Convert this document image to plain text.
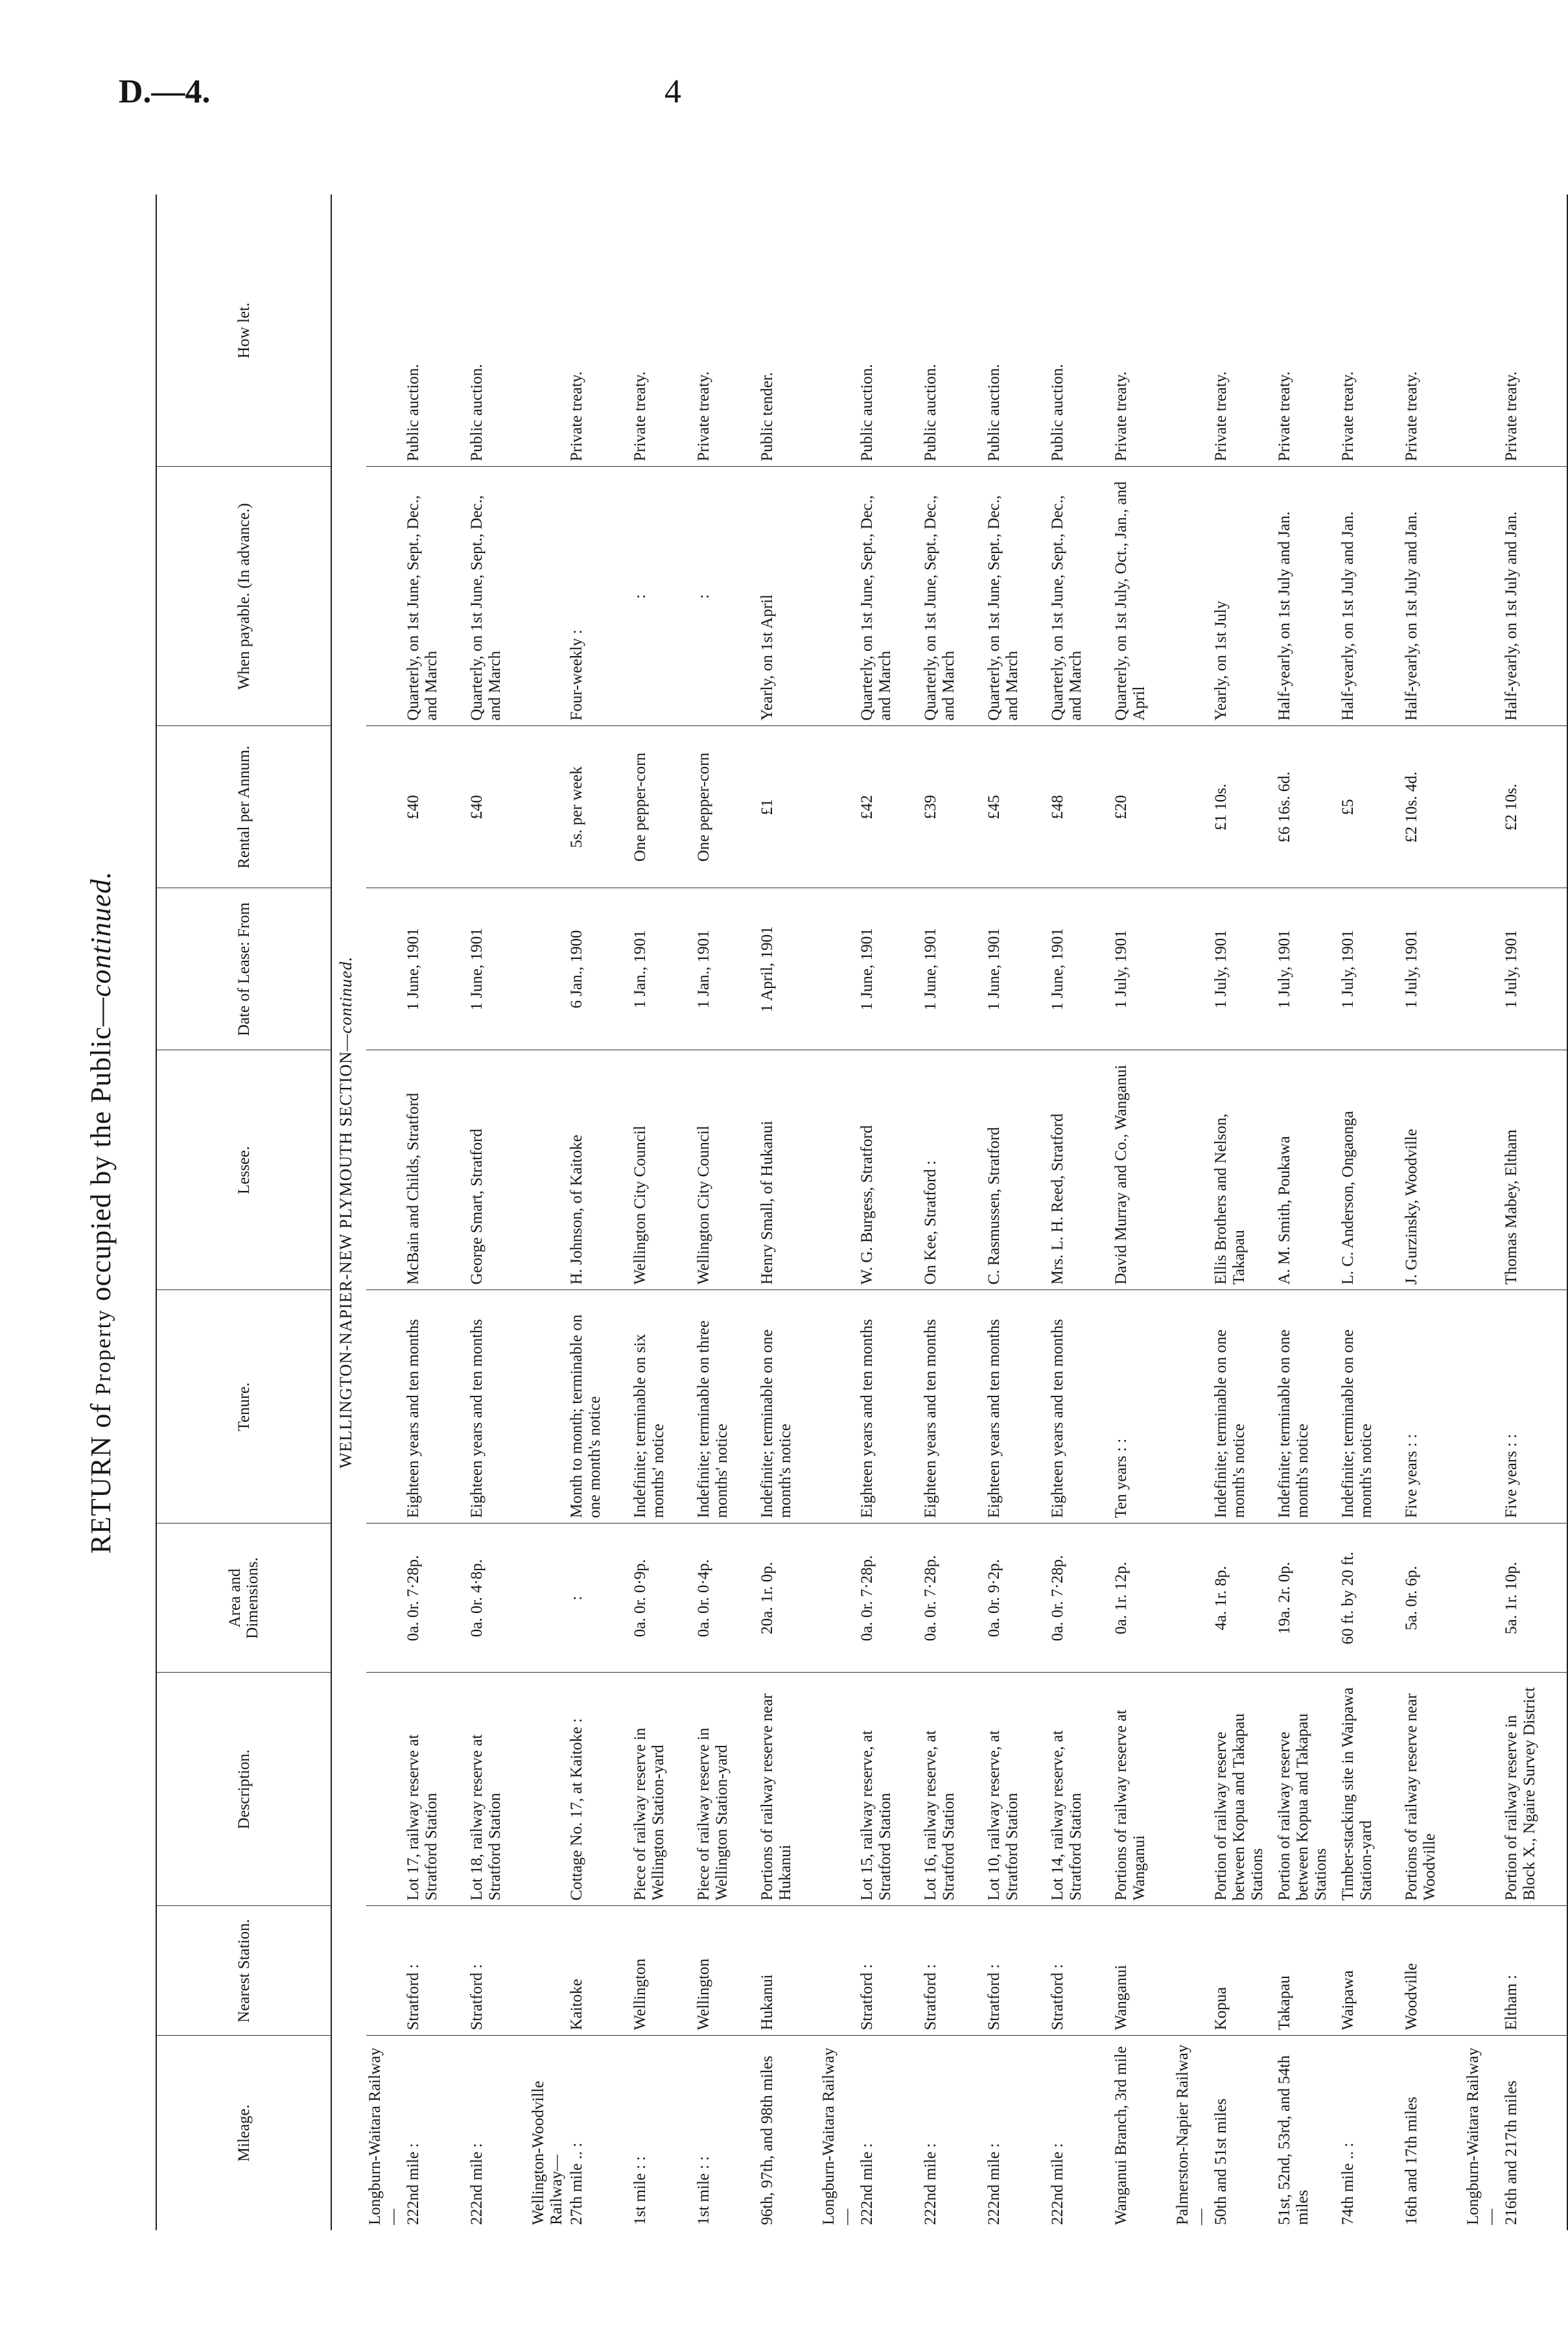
D.—4.	4
RETURN of Property occupied by the Public—continued.
Mileage.	Nearest Station.	Description.	Area and Dimensions.	Tenure.	Lessee.	Date of Lease: From	Rental per Annum.	When payable. (In advance.)	How let.
WELLINGTON-NAPIER-NEW PLYMOUTH SECTION—continued.									
Longburn-Waitara Railway—									
222nd mile :	Stratford :	Lot 17, railway reserve at Stratford Station	0a. 0r. 7·28p.	Eighteen years and ten months	McBain and Childs, Stratford	1 June, 1901	£40	Quarterly, on 1st June, Sept., Dec., and March	Public auction.
222nd mile :	Stratford :	Lot 18, railway reserve at Stratford Station	0a. 0r. 4·8p.	Eighteen years and ten months	George Smart, Stratford	1 June, 1901	£40	Quarterly, on 1st June, Sept., Dec., and March	Public auction.
Wellington-Woodville Railway—									
27th mile .. :	Kaitoke	Cottage No. 17, at Kaitoke :	:	Month to month; terminable on one month's notice	H. Johnson, of Kaitoke	6 Jan., 1900	5s. per week	Four-weekly :	Private treaty.
1st mile : :	Wellington	Piece of railway reserve in Wellington Station-yard	0a. 0r. 0·9p.	Indefinite; terminable on six months' notice	Wellington City Council	1 Jan., 1901	One pepper-corn	:	Private treaty.
1st mile : :	Wellington	Piece of railway reserve in Wellington Station-yard	0a. 0r. 0·4p.	Indefinite; terminable on three months' notice	Wellington City Council	1 Jan., 1901	One pepper-corn	:	Private treaty.
96th, 97th, and 98th miles	Hukanui	Portions of railway reserve near Hukanui	20a. 1r. 0p.	Indefinite; terminable on one month's notice	Henry Small, of Hukanui	1 April, 1901	£1	Yearly, on 1st April	Public tender.
Longburn-Waitara Railway—									
222nd mile :	Stratford :	Lot 15, railway reserve, at Stratford Station	0a. 0r. 7·28p.	Eighteen years and ten months	W. G. Burgess, Stratford	1 June, 1901	£42	Quarterly, on 1st June, Sept., Dec., and March	Public auction.
222nd mile :	Stratford :	Lot 16, railway reserve, at Stratford Station	0a. 0r. 7·28p.	Eighteen years and ten months	On Kee, Stratford :	1 June, 1901	£39	Quarterly, on 1st June, Sept., Dec., and March	Public auction.
222nd mile :	Stratford :	Lot 10, railway reserve, at Stratford Station	0a. 0r. 9·2p.	Eighteen years and ten months	C. Rasmussen, Stratford	1 June, 1901	£45	Quarterly, on 1st June, Sept., Dec., and March	Public auction.
222nd mile :	Stratford :	Lot 14, railway reserve, at Stratford Station	0a. 0r. 7·28p.	Eighteen years and ten months	Mrs. L. H. Reed, Stratford	1 June, 1901	£48	Quarterly, on 1st June, Sept., Dec., and March	Public auction.
Wanganui Branch, 3rd mile	Wanganui	Portions of railway reserve at Wanganui	0a. 1r. 12p.	Ten years : :	David Murray and Co., Wanganui	1 July, 1901	£20	Quarterly, on 1st July, Oct., Jan., and April	Private treaty.
Palmerston-Napier Railway—									
50th and 51st miles	Kopua	Portion of railway reserve between Kopua and Takapau Stations	4a. 1r. 8p.	Indefinite; terminable on one month's notice	Ellis Brothers and Nelson, Takapau	1 July, 1901	£1 10s.	Yearly, on 1st July	Private treaty.
51st, 52nd, 53rd, and 54th miles	Takapau	Portion of railway reserve between Kopua and Takapau Stations	19a. 2r. 0p.	Indefinite; terminable on one month's notice	A. M. Smith, Poukawa	1 July, 1901	£6 16s. 6d.	Half-yearly, on 1st July and Jan.	Private treaty.
74th mile .. :	Waipawa	Timber-stacking site in Waipawa Station-yard	60 ft. by 20 ft.	Indefinite; terminable on one month's notice	L. C. Anderson, Ongaonga	1 July, 1901	£5	Half-yearly, on 1st July and Jan.	Private treaty.
16th and 17th miles	Woodville	Portions of railway reserve near Woodville	5a. 0r. 6p.	Five years : :	J. Gurzinsky, Woodville	1 July, 1901	£2 10s. 4d.	Half-yearly, on 1st July and Jan.	Private treaty.
Longburn-Waitara Railway—									
216th and 217th miles	Eltham :	Portion of railway reserve in Block X., Ngaire Survey District	5a. 1r. 10p.	Five years : :	Thomas Mabey, Eltham	1 July, 1901	£2 10s.	Half-yearly, on 1st July and Jan.	Private treaty.
